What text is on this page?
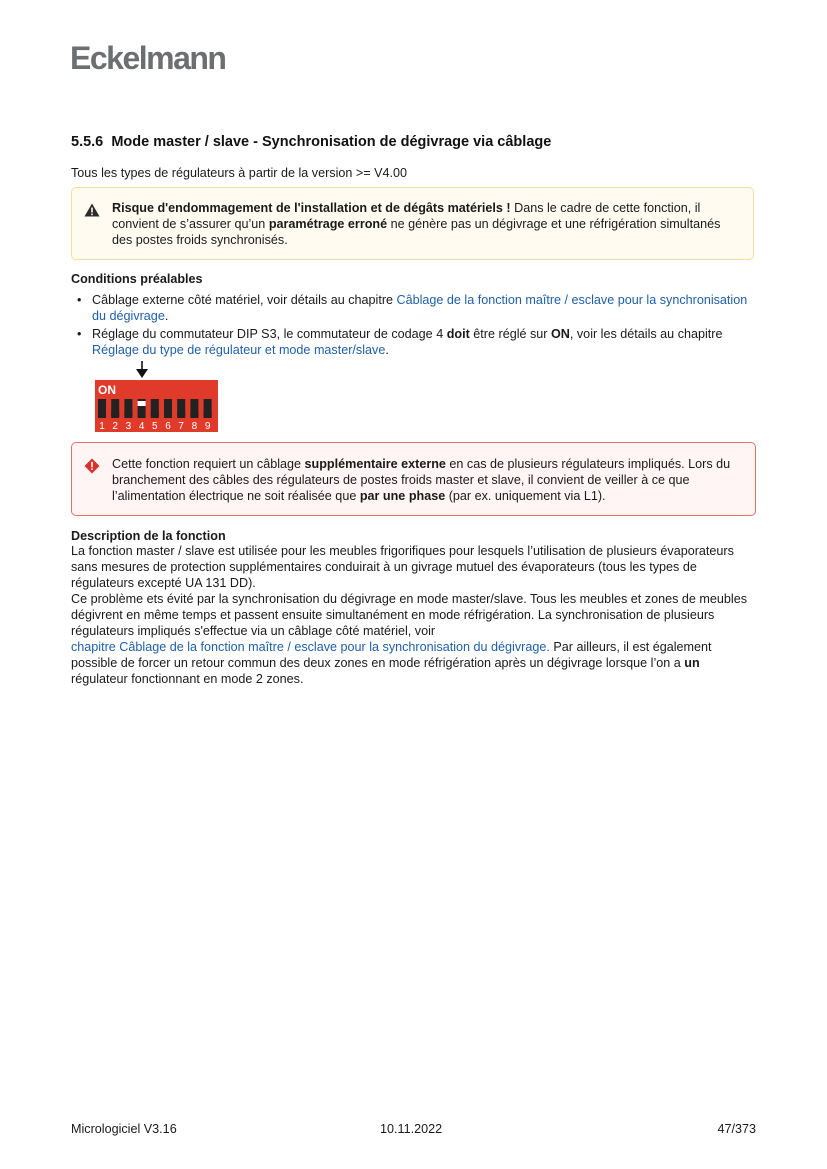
Eckelmann
5.5.6 Mode master / slave - Synchronisation de dégivrage via câblage

Tous les types de régulateurs à partir de la version >= V4.00

Risque d'endommagement de l'installation et de dégâts matériels ! Dans le cadre de cette fonction, il convient de s’assurer qu’un paramétrage erroné ne génère pas un dégivrage et une réfrigération simultanés des postes froids synchronisés.

Conditions préalables

• Câblage externe côté matériel, voir détails au chapitre Câblage de la fonction maître / esclave pour la synchronisation du dégivrage.
• Réglage du commutateur DIP S3, le commutateur de codage 4 doit être réglé sur ON, voir les détails au chapitre Réglage du type de régulateur et mode master/slave.
ON
1 2 3 4 5 6 7 8 9

Cette fonction requiert un câblage supplémentaire externe en cas de plusieurs régulateurs impliqués. Lors du branchement des câbles des régulateurs de postes froids master et slave, il convient de veiller à ce que l’alimentation électrique ne soit réalisée que par une phase (par ex. uniquement via L1).

Description de la fonction

La fonction master / slave est utilisée pour les meubles frigorifiques pour lesquels l’utilisation de plusieurs évaporateurs sans mesures de protection supplémentaires conduirait à un givrage mutuel des évaporateurs (tous les types de régulateurs excepté UA 131 DD).

Ce problème ets évité par la synchronisation du dégivrage en mode master/slave. Tous les meubles et zones de meubles dégivrent en même temps et passent ensuite simultanément en mode réfrigération. La synchronisation de plusieurs régulateurs impliqués s'effectue via un câblage côté matériel, voir
chapitre Câblage de la fonction maître / esclave pour la synchronisation du dégivrage. Par ailleurs, il est également possible de forcer un retour commun des deux zones en mode réfrigération après un dégivrage lorsque l’on a un régulateur fonctionnant en mode 2 zones.

Micrologiciel V3.16	10.11.2022	47/373
